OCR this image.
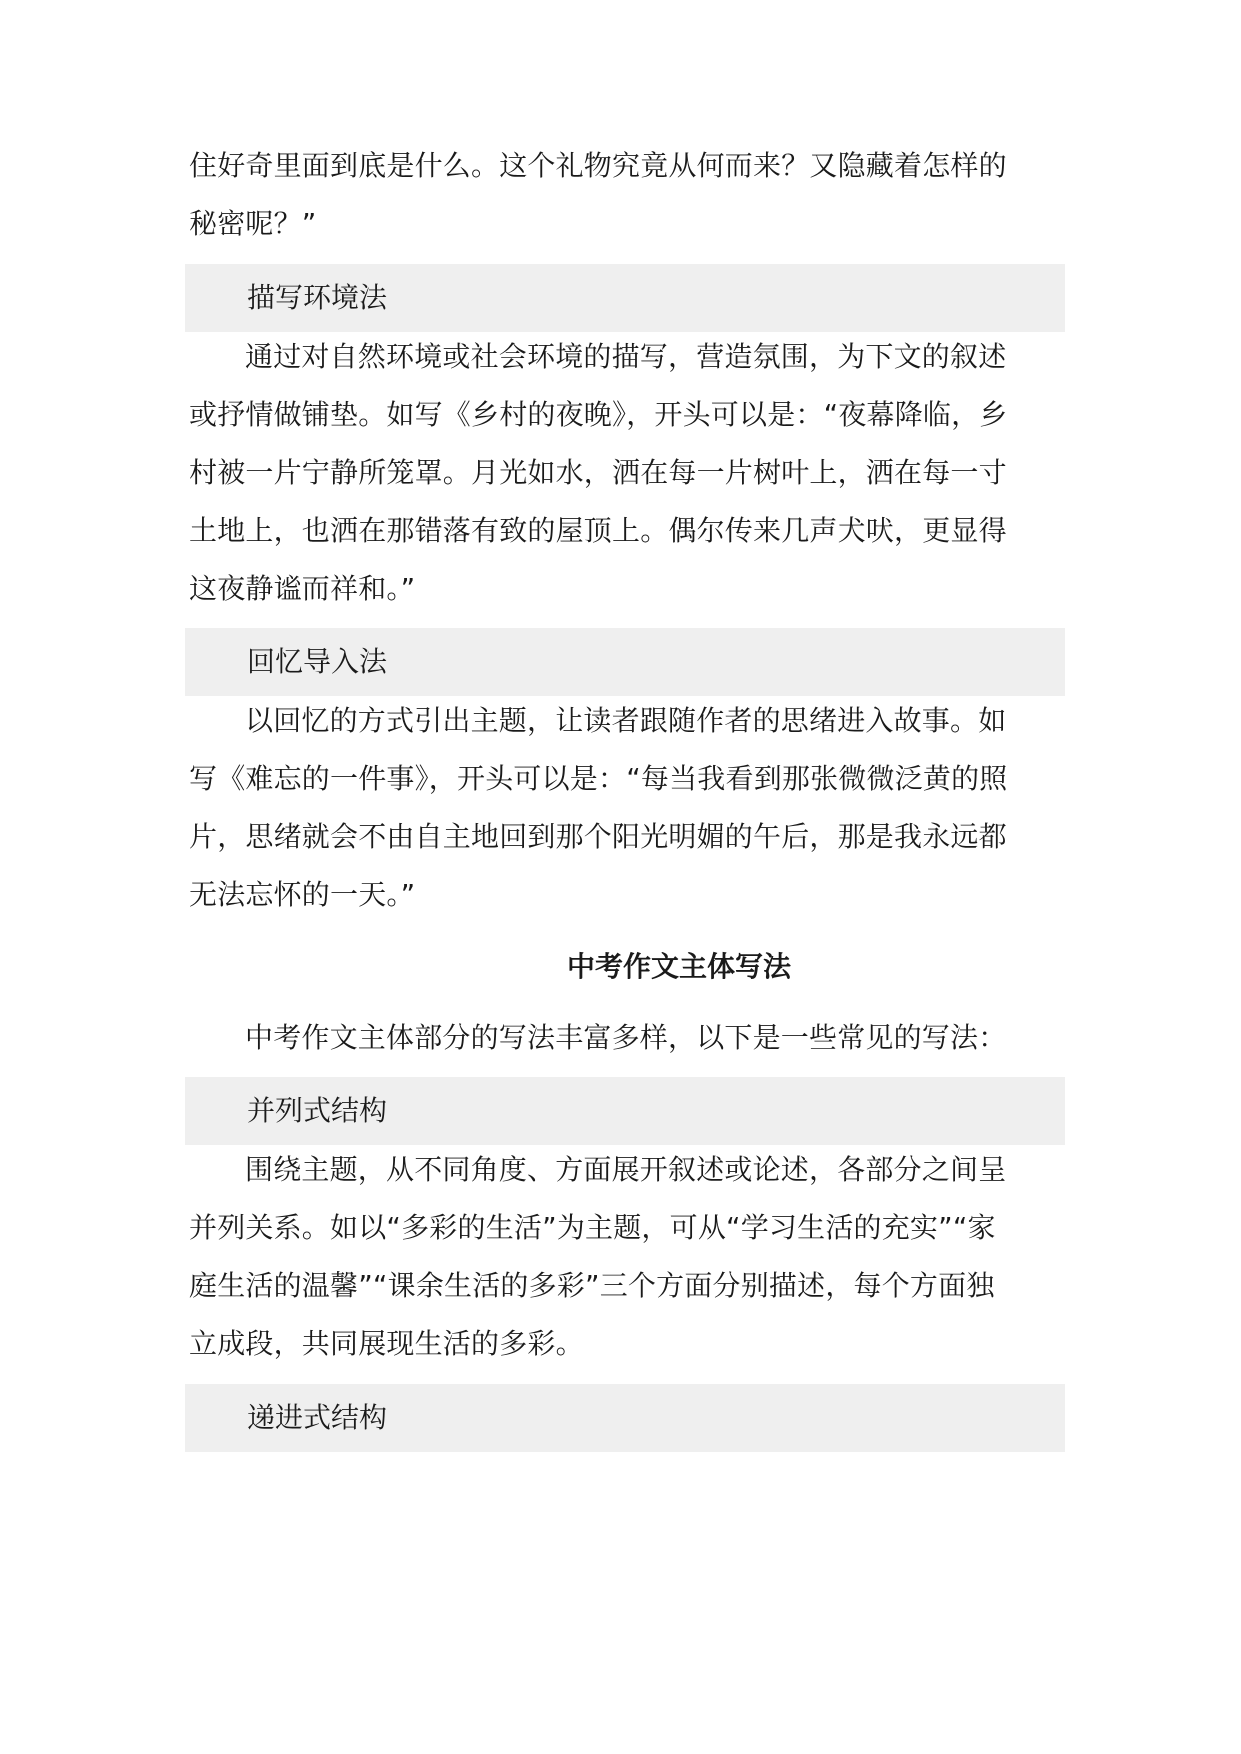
住好奇里面到底是什么。这个礼物究竟从何而来？又隐藏着怎样的
秘密呢？”
描写环境法
通过对自然环境或社会环境的描写，营造氛围，为下文的叙述
或抒情做铺垫。如写《乡村的夜晚》，开头可以是：“夜幕降临，乡
村被一片宁静所笼罩。月光如水，洒在每一片树叶上，洒在每一寸
土地上，也洒在那错落有致的屋顶上。偶尔传来几声犬吠，更显得
这夜静谧而祥和。”
回忆导入法
以回忆的方式引出主题，让读者跟随作者的思绪进入故事。如
写《难忘的一件事》，开头可以是：“每当我看到那张微微泛黄的照
片，思绪就会不由自主地回到那个阳光明媚的午后，那是我永远都
无法忘怀的一天。”
中考作文主体写法
中考作文主体部分的写法丰富多样，以下是一些常见的写法：
并列式结构
围绕主题，从不同角度、方面展开叙述或论述，各部分之间呈
并列关系。如以“多彩的生活”为主题，可从“学习生活的充实”“家
庭生活的温馨”“课余生活的多彩”三个方面分别描述，每个方面独
立成段，共同展现生活的多彩。
递进式结构
